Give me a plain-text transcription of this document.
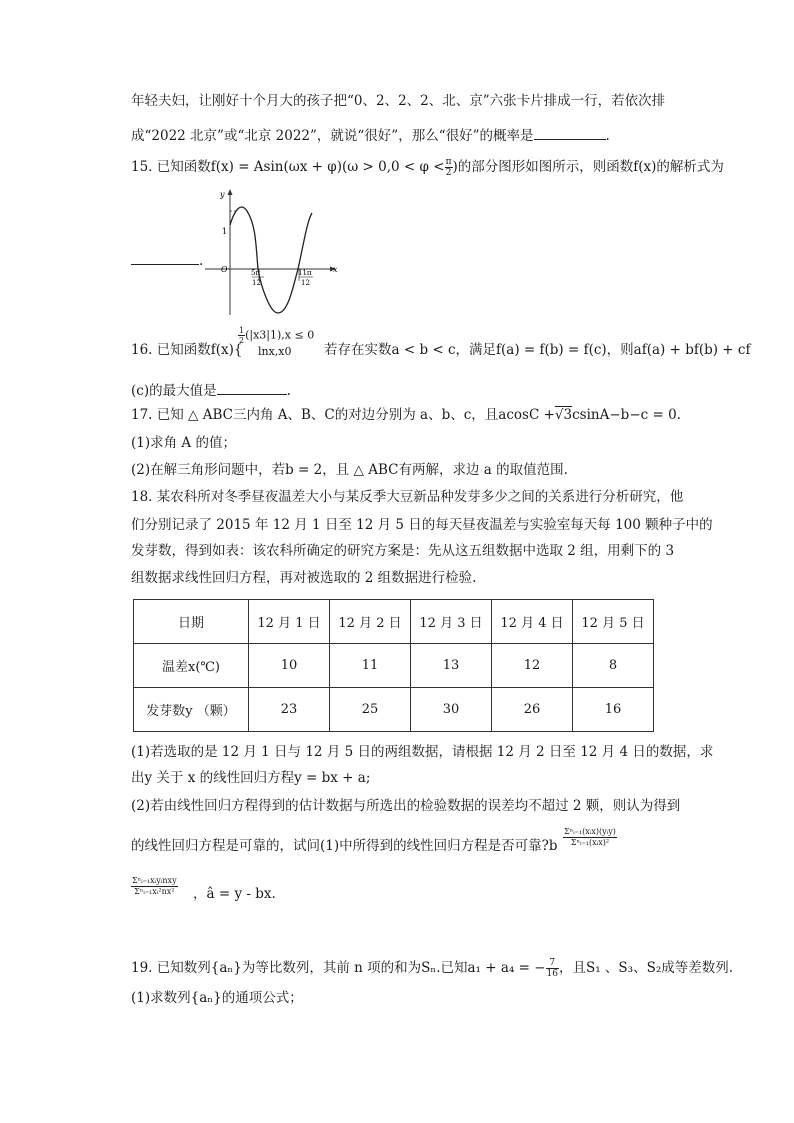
年轻夫妇，让刚好十个月大的孩子把“0、2、2、2、北、京”六张卡片排成一行，若依次排
成“2022 北京”或“北京 2022”，就说“很好”，那么“很好”的概率是	.
15. 已知函数$f(x) = Asin(\omega x + \varphi)(\omega > 0,0 < \varphi < \frac{\pi}{2}$ )的部分图形如图所示，则函数f(x)的解析式为
.
y
x
O
1
5π
12
11π
12
16. 已知函数f(x){
$\frac{1}{2} (|x3|1),x \le 0$
lnx,x0	若存在实数a < b < c，满足f(a) = f(b) = f(c)，则af(a) + bf(b) + cf
(c)的最大值是	.
17. 已知 △ ABC三内角 A、B、C的对边分别为 a、b、c，且acosC +√3csinA−b−c = 0.
(1)求角 A 的值；
(2)在解三角形问题中，若b = 2，且 △ ABC有两解，求边 a 的取值范围.
18. 某农科所对冬季昼夜温差大小与某反季大豆新品种发芽多少之间的关系进行分析研究，他
们分别记录了 2015 年 12 月 1 日至 12 月 5 日的每天昼夜温差与实验室每天每 100 颗种子中的
发芽数，得到如表：该农科所确定的研究方案是：先从这五组数据中选取 2 组，用剩下的 3
组数据求线性回归方程，再对被选取的 2 组数据进行检验.
日期	12 月 1 日	12 月 2 日	12 月 3 日	12 月 4 日	12 月 5 日
温差x(℃)	10	11	13	12	8
发芽数y （颗）	23	25	30	26	16
(1)若选取的是 12 月 1 日与 12 月 5 日的两组数据，请根据 12 月 2 日至 12 月 4 日的数据，求
出y 关于 x 的线性回归方程y = bx + a;
(2)若由线性回归方程得到的估计数据与所选出的检验数据的误差均不超过 2 颗，则认为得到
的线性回归方程是可靠的，试问(1)中所得到的线性回归方程是否可靠?b
Σⁿᵢ₌₁(xᵢx)(yᵢy)
Σⁿᵢ₌₁(xᵢx)²
Σⁿᵢ₌₁xᵢyᵢnxy
Σⁿᵢ₌₁xᵢ²nx² ，â = y - bx.
19. 已知数列{aₙ}为等比数列，其前 n 项的和为Sₙ.已知a₁ + a₄ = − $\frac{7}{16}$ ，且S₁ 、S₃、S₂成等差数列.
(1)求数列{aₙ}的通项公式；
